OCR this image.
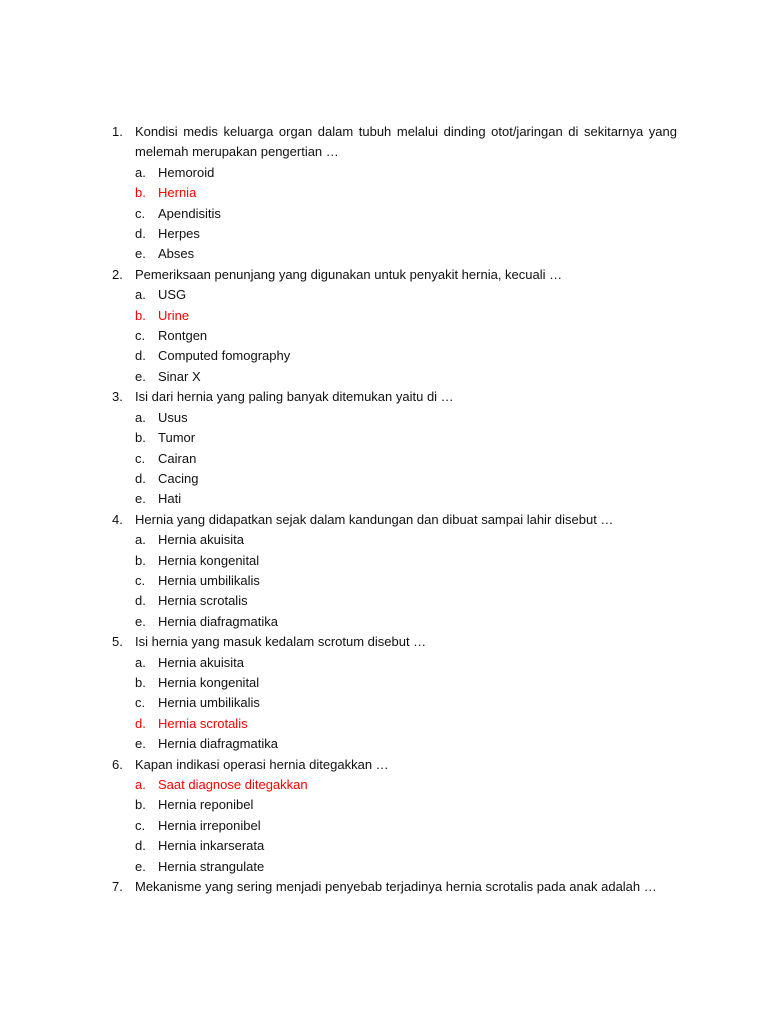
1. Kondisi medis keluarga organ dalam tubuh melalui dinding otot/jaringan di sekitarnya yang melemah merupakan pengertian …
a. Hemoroid
b. Hernia
c. Apendisitis
d. Herpes
e. Abses
2. Pemeriksaan penunjang yang digunakan untuk penyakit hernia, kecuali …
a. USG
b. Urine
c. Rontgen
d. Computed fomography
e. Sinar X
3. Isi dari hernia yang paling banyak ditemukan yaitu di …
a. Usus
b. Tumor
c. Cairan
d. Cacing
e. Hati
4. Hernia yang didapatkan sejak dalam kandungan dan dibuat sampai lahir disebut …
a. Hernia akuisita
b. Hernia kongenital
c. Hernia umbilikalis
d. Hernia scrotalis
e. Hernia diafragmatika
5. Isi hernia yang masuk kedalam scrotum disebut …
a. Hernia akuisita
b. Hernia kongenital
c. Hernia umbilikalis
d. Hernia scrotalis
e. Hernia diafragmatika
6. Kapan indikasi operasi hernia ditegakkan …
a. Saat diagnose ditegakkan
b. Hernia reponibel
c. Hernia irreponibel
d. Hernia inkarserata
e. Hernia strangulate
7. Mekanisme yang sering menjadi penyebab terjadinya hernia scrotalis pada anak adalah …
